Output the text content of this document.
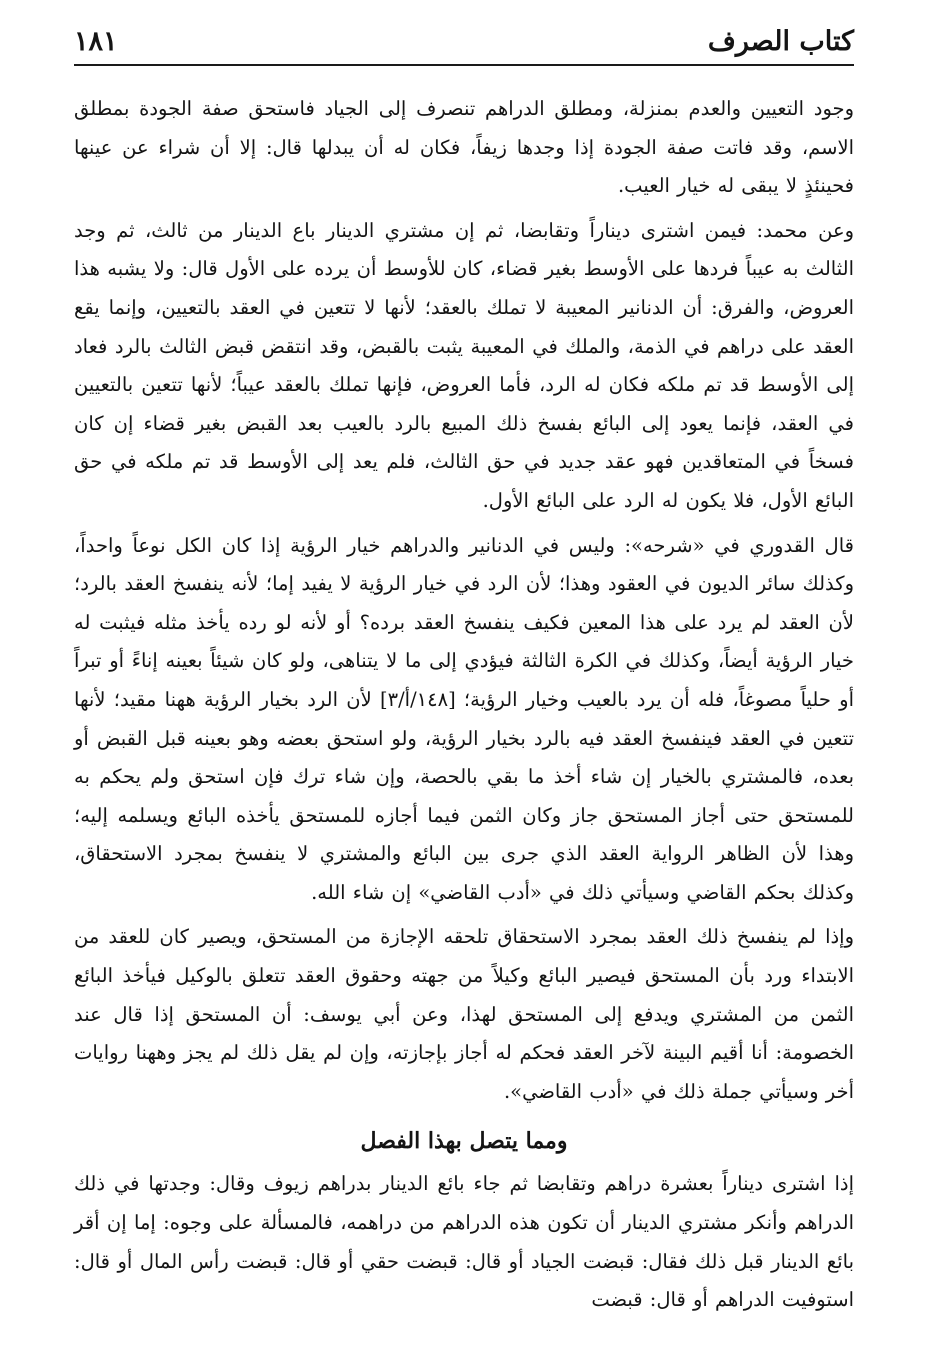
كتاب الصرف
١٨١

وجود التعيين والعدم بمنزلة، ومطلق الدراهم تنصرف إلى الجياد فاستحق صفة الجودة بمطلق الاسم، وقد فاتت صفة الجودة إذا وجدها زيفاً، فكان له أن يبدلها قال: إلا أن شراء عن عينها فحينئذٍ لا يبقى له خيار العيب.

وعن محمد: فيمن اشترى ديناراً وتقابضا، ثم إن مشتري الدينار باع الدينار من ثالث، ثم وجد الثالث به عيباً فردها على الأوسط بغير قضاء، كان للأوسط أن يرده على الأول قال: ولا يشبه هذا العروض، والفرق: أن الدنانير المعيبة لا تملك بالعقد؛ لأنها لا تتعين في العقد بالتعيين، وإنما يقع العقد على دراهم في الذمة، والملك في المعيبة يثبت بالقبض، وقد انتقض قبض الثالث بالرد فعاد إلى الأوسط قد تم ملكه فكان له الرد، فأما العروض، فإنها تملك بالعقد عيباً؛ لأنها تتعين بالتعيين في العقد، فإنما يعود إلى البائع بفسخ ذلك المبيع بالرد بالعيب بعد القبض بغير قضاء إن كان فسخاً في المتعاقدين فهو عقد جديد في حق الثالث، فلم يعد إلى الأوسط قد تم ملكه في حق البائع الأول، فلا يكون له الرد على البائع الأول.

قال القدوري في «شرحه»: وليس في الدنانير والدراهم خيار الرؤية إذا كان الكل نوعاً واحداً، وكذلك سائر الديون في العقود وهذا؛ لأن الرد في خيار الرؤية لا يفيد إما؛ لأنه ينفسخ العقد بالرد؛ لأن العقد لم يرد على هذا المعين فكيف ينفسخ العقد برده؟ أو لأنه لو رده يأخذ مثله فيثبت له خيار الرؤية أيضاً، وكذلك في الكرة الثالثة فيؤدي إلى ما لا يتناهى، ولو كان شيئاً بعينه إناءً أو تبراً أو حلياً مصوغاً، فله أن يرد بالعيب وخيار الرؤية؛ [١٤٨/أ/٣] لأن الرد بخيار الرؤية ههنا مقيد؛ لأنها تتعين في العقد فينفسخ العقد فيه بالرد بخيار الرؤية، ولو استحق بعضه وهو بعينه قبل القبض أو بعده، فالمشتري بالخيار إن شاء أخذ ما بقي بالحصة، وإن شاء ترك فإن استحق ولم يحكم به للمستحق حتى أجاز المستحق جاز وكان الثمن فيما أجازه للمستحق يأخذه البائع ويسلمه إليه؛ وهذا لأن الظاهر الرواية العقد الذي جرى بين البائع والمشتري لا ينفسخ بمجرد الاستحقاق، وكذلك بحكم القاضي وسيأتي ذلك في «أدب القاضي» إن شاء الله.

وإذا لم ينفسخ ذلك العقد بمجرد الاستحقاق تلحقه الإجازة من المستحق، ويصير كان للعقد من الابتداء ورد بأن المستحق فيصير البائع وكيلاً من جهته وحقوق العقد تتعلق بالوكيل فيأخذ البائع الثمن من المشتري ويدفع إلى المستحق لهذا، وعن أبي يوسف: أن المستحق إذا قال عند الخصومة: أنا أقيم البينة لآخر العقد فحكم له أجاز بإجازته، وإن لم يقل ذلك لم يجز وههنا روايات أخر وسيأتي جملة ذلك في «أدب القاضي».

ومما يتصل بهذا الفصل

إذا اشترى ديناراً بعشرة دراهم وتقابضا ثم جاء بائع الدينار بدراهم زيوف وقال: وجدتها في ذلك الدراهم وأنكر مشتري الدينار أن تكون هذه الدراهم من دراهمه، فالمسألة على وجوه: إما إن أقر بائع الدينار قبل ذلك فقال: قبضت الجياد أو قال: قبضت حقي أو قال: قبضت رأس المال أو قال: استوفيت الدراهم أو قال: قبضت
